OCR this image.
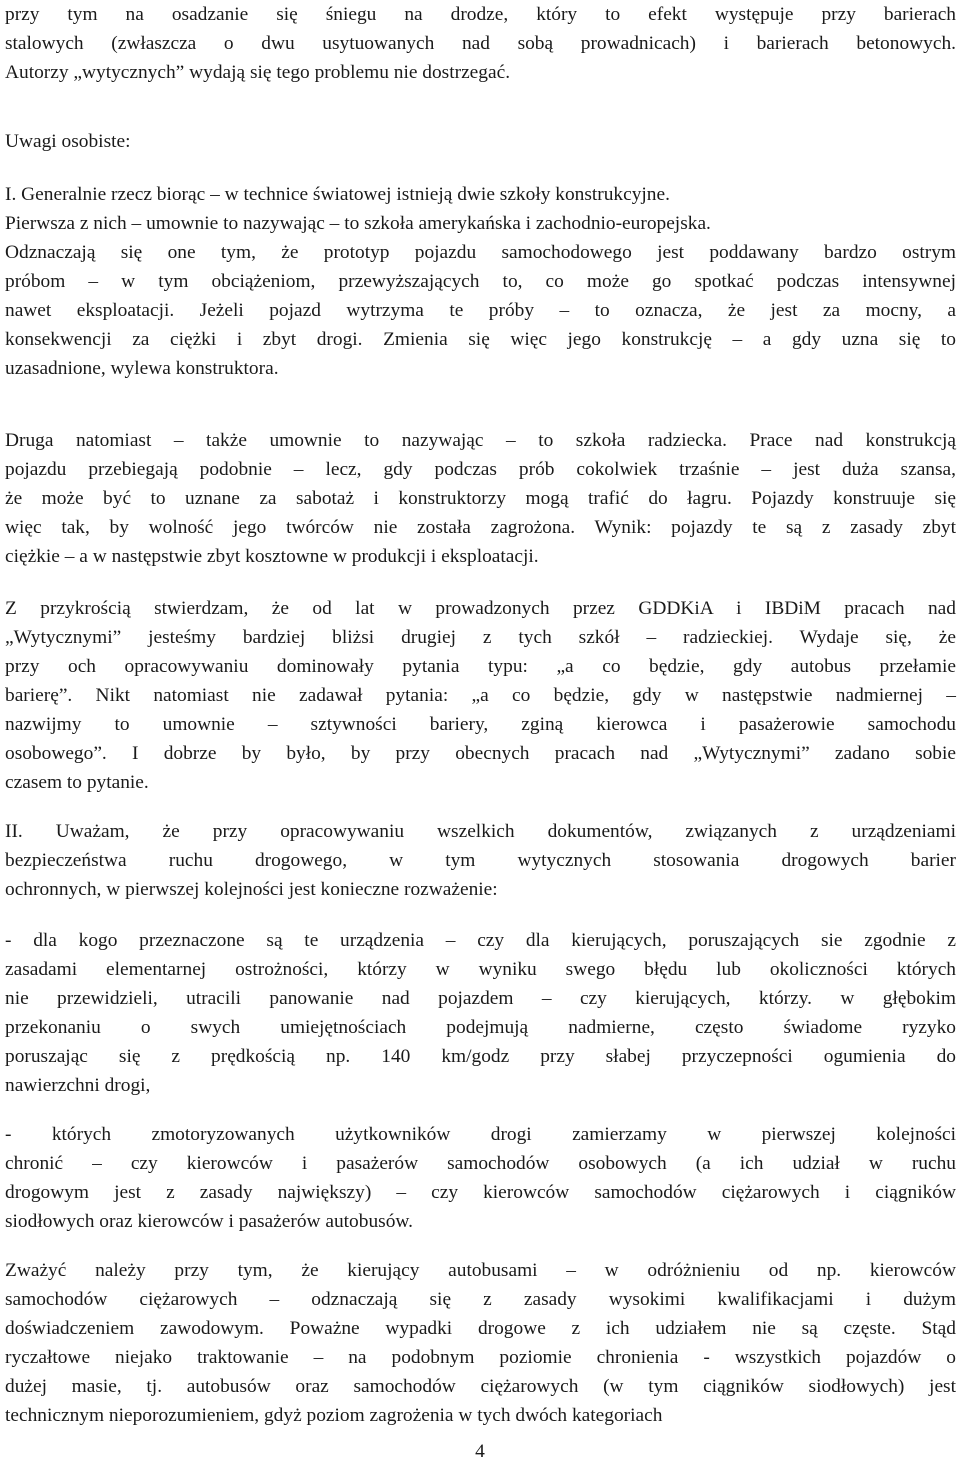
przy tym na osadzanie się śniegu na drodze, który to efekt występuje przy barierach
stalowych (zwłaszcza o dwu usytuowanych nad sobą prowadnicach) i barierach betonowych.
Autorzy „wytycznych” wydają się tego problemu nie dostrzegać.

Uwagi osobiste:

I. Generalnie rzecz biorąc – w technice światowej istnieją dwie szkoły konstrukcyjne.
Pierwsza z nich – umownie to nazywając – to szkoła amerykańska i zachodnio-europejska.
Odznaczają się one tym, że prototyp pojazdu samochodowego jest poddawany bardzo ostrym
próbom – w tym obciążeniom, przewyższających to, co może go spotkać podczas intensywnej
nawet eksploatacji. Jeżeli pojazd wytrzyma te próby – to oznacza, że jest za mocny, a
konsekwencji za ciężki i zbyt drogi. Zmienia się więc jego konstrukcję – a gdy uzna się to
uzasadnione, wylewa konstruktora.
Druga natomiast – także umownie to nazywając – to szkoła radziecka. Prace nad konstrukcją
pojazdu przebiegają podobnie – lecz, gdy podczas prób cokolwiek trzaśnie – jest duża szansa,
że może być to uznane za sabotaż i konstruktorzy mogą trafić do łagru. Pojazdy konstruuje się
więc tak, by wolność jego twórców nie została zagrożona. Wynik: pojazdy te są z zasady zbyt
ciężkie – a w następstwie zbyt kosztowne w produkcji i eksploatacji.
Z przykrością stwierdzam, że od lat w prowadzonych przez GDDKiA i IBDiM pracach nad
„Wytycznymi” jesteśmy bardziej bliżsi drugiej z tych szkół – radzieckiej. Wydaje się, że
przy och opracowywaniu dominowały pytania typu: „a co będzie, gdy autobus przełamie
barierę”. Nikt natomiast nie zadawał pytania: „a co będzie, gdy w następstwie nadmiernej –
nazwijmy to umownie – sztywności bariery, zginą kierowca i pasażerowie samochodu
osobowego”. I dobrze by było, by przy obecnych pracach nad „Wytycznymi” zadano sobie
czasem to pytanie.
II. Uważam, że przy opracowywaniu wszelkich dokumentów, związanych z urządzeniami
bezpieczeństwa ruchu drogowego, w tym wytycznych stosowania drogowych barier
ochronnych, w pierwszej kolejności jest konieczne rozważenie:
- dla kogo przeznaczone są te urządzenia – czy dla kierujących, poruszających sie zgodnie z
zasadami elementarnej ostrożności, którzy w wyniku swego błędu lub okoliczności których
nie przewidzieli, utracili panowanie nad pojazdem – czy kierujących, którzy. w głębokim
przekonaniu o swych umiejętnościach podejmują nadmierne, często świadome ryzyko
poruszając się z prędkością np. 140 km/godz przy słabej przyczepności ogumienia do
nawierzchni drogi,
- których zmotoryzowanych użytkowników drogi zamierzamy w pierwszej kolejności
chronić – czy kierowców i pasażerów samochodów osobowych (a ich udział w ruchu
drogowym jest z zasady największy) – czy kierowców samochodów ciężarowych i ciągników
siodłowych oraz kierowców i pasażerów autobusów.
Zważyć należy przy tym, że kierujący autobusami – w odróżnieniu od np. kierowców
samochodów ciężarowych – odznaczają się z zasady wysokimi kwalifikacjami i dużym
doświadczeniem zawodowym. Poważne wypadki drogowe z ich udziałem nie są częste. Stąd
ryczałtowe niejako traktowanie – na podobnym poziomie chronienia - wszystkich pojazdów o
dużej masie, tj. autobusów oraz samochodów ciężarowych (w tym ciągników siodłowych) jest
technicznym nieporozumieniem, gdyż poziom zagrożenia w tych dwóch kategoriach
4
